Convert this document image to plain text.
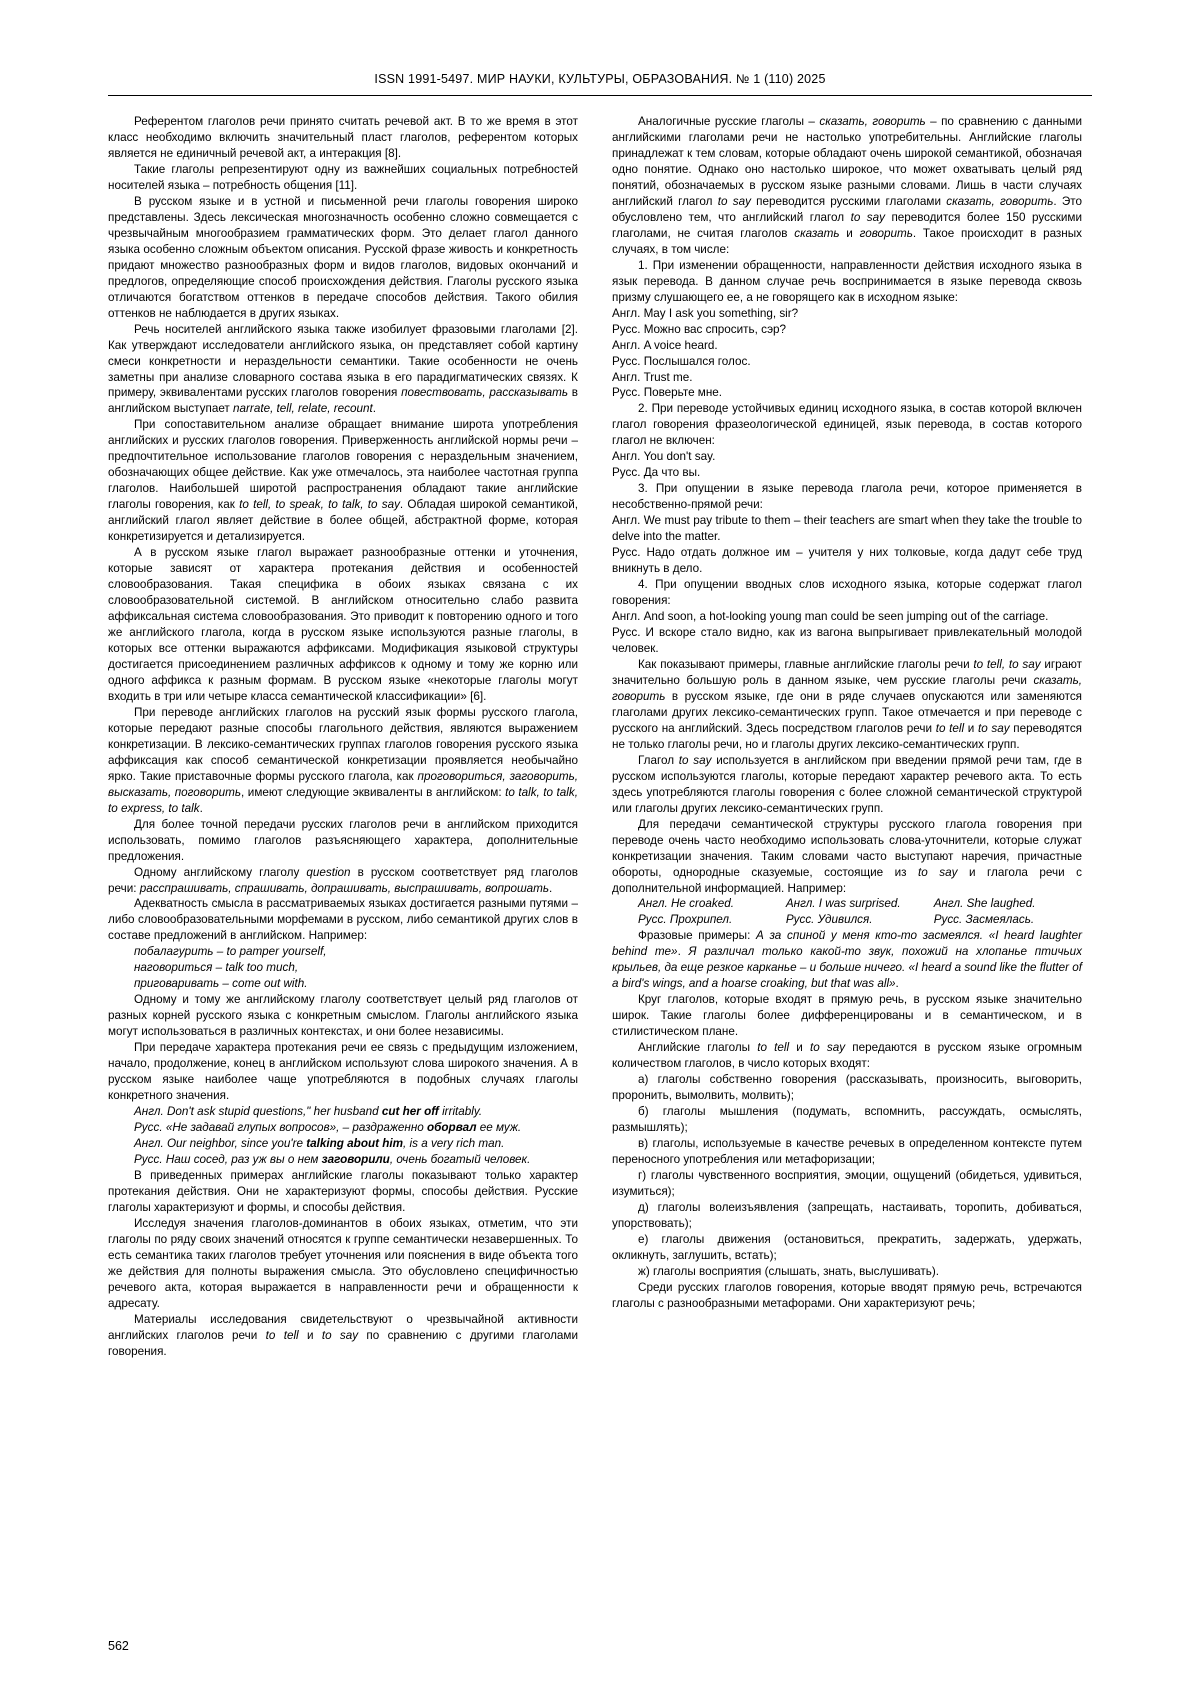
ISSN 1991-5497. МИР НАУКИ, КУЛЬТУРЫ, ОБРАЗОВАНИЯ. № 1 (110) 2025

Референтом глаголов речи принято считать речевой акт. В то же время в этот класс необходимо включить значительный пласт глаголов, референтом которых является не единичный речевой акт, а интеракция [8].

Такие глаголы репрезентируют одну из важнейших социальных потребностей носителей языка – потребность общения [11].

В русском языке и в устной и письменной речи глаголы говорения широко представлены. Здесь лексическая многозначность особенно сложно совмещается с чрезвычайным многообразием грамматических форм. Это делает глагол данного языка особенно сложным объектом описания. Русской фразе живость и конкретность придают множество разнообразных форм и видов глаголов, видовых окончаний и предлогов, определяющие способ происхождения действия. Глаголы русского языка отличаются богатством оттенков в передаче способов действия. Такого обилия оттенков не наблюдается в других языках.

Речь носителей английского языка также изобилует фразовыми глаголами [2]. Как утверждают исследователи английского языка, он представляет собой картину смеси конкретности и нераздельности семантики. Такие особенности не очень заметны при анализе словарного состава языка в его парадигматических связях. К примеру, эквивалентами русских глаголов говорения повествовать, рассказывать в английском выступает narrate, tell, relate, recount.

При сопоставительном анализе обращает внимание широта употребления английских и русских глаголов говорения. Приверженность английской нормы речи – предпочтительное использование глаголов говорения с нераздельным значением, обозначающих общее действие. Как уже отмечалось, эта наиболее частотная группа глаголов. Наибольшей широтой распространения обладают такие английские глаголы говорения, как to tell, to speak, to talk, to say. Обладая широкой семантикой, английский глагол являет действие в более общей, абстрактной форме, которая конкретизируется и детализируется.

А в русском языке глагол выражает разнообразные оттенки и уточнения, которые зависят от характера протекания действия и особенностей словообразования. Такая специфика в обоих языках связана с их словообразовательной системой. В английском относительно слабо развита аффиксальная система словообразования. Это приводит к повторению одного и того же английского глагола, когда в русском языке используются разные глаголы, в которых все оттенки выражаются аффиксами. Модификация языковой структуры достигается присоединением различных аффиксов к одному и тому же корню или одного аффикса к разным формам. В русском языке «некоторые глаголы могут входить в три или четыре класса семантической классификации» [6].

При переводе английских глаголов на русский язык формы русского глагола, которые передают разные способы глагольного действия, являются выражением конкретизации. В лексико-семантических группах глаголов говорения русского языка аффиксация как способ семантической конкретизации проявляется необычайно ярко. Такие приставочные формы русского глагола, как проговориться, заговорить, высказать, поговорить, имеют следующие эквиваленты в английском: to talk, to talk, to express, to talk.

Для более точной передачи русских глаголов речи в английском приходится использовать, помимо глаголов разъясняющего характера, дополнительные предложения.

Одному английскому глаголу question в русском соответствует ряд глаголов речи: расспрашивать, спрашивать, допрашивать, выспрашивать, вопрошать.

Адекватность смысла в рассматриваемых языках достигается разными путями – либо словообразовательными морфемами в русском, либо семантикой других слов в составе предложений в английском. Например:

побалагурить – to pamper yourself,

наговориться – talk too much,

приговаривать – come out with.

Одному и тому же английскому глаголу соответствует целый ряд глаголов от разных корней русского языка с конкретным смыслом. Глаголы английского языка могут использоваться в различных контекстах, и они более независимы.

При передаче характера протекания речи ее связь с предыдущим изложением, начало, продолжение, конец в английском используют слова широкого значения. А в русском языке наиболее чаще употребляются в подобных случаях глаголы конкретного значения.

Англ. Don't ask stupid questions," her husband cut her off irritably.

Русс. «Не задавай глупых вопросов», – раздраженно оборвал ее муж.

Англ. Our neighbor, since you're talking about him, is a very rich man.

Русс. Наш сосед, раз уж вы о нем заговорили, очень богатый человек.

В приведенных примерах английские глаголы показывают только характер протекания действия. Они не характеризуют формы, способы действия. Русские глаголы характеризуют и формы, и способы действия.

Исследуя значения глаголов-доминантов в обоих языках, отметим, что эти глаголы по ряду своих значений относятся к группе семантически незавершенных. То есть семантика таких глаголов требует уточнения или пояснения в виде объекта того же действия для полноты выражения смысла. Это обусловлено специфичностью речевого акта, которая выражается в направленности речи и обращенности к адресату.

Материалы исследования свидетельствуют о чрезвычайной активности английских глаголов речи to tell и to say по сравнению с другими глаголами говорения.

Аналогичные русские глаголы – сказать, говорить – по сравнению с данными английскими глаголами речи не настолько употребительны. Английские глаголы принадлежат к тем словам, которые обладают очень широкой семантикой, обозначая одно понятие. Однако оно настолько широкое, что может охватывать целый ряд понятий, обозначаемых в русском языке разными словами. Лишь в части случаях английский глагол to say переводится русскими глаголами сказать, говорить. Это обусловлено тем, что английский глагол to say переводится более 150 русскими глаголами, не считая глаголов сказать и говорить. Такое происходит в разных случаях, в том числе:

1. При изменении обращенности, направленности действия исходного языка в язык перевода. В данном случае речь воспринимается в языке перевода сквозь призму слушающего ее, а не говорящего как в исходном языке:

Англ. May I ask you something, sir?

Русс. Можно вас спросить, сэр?

Англ. A voice heard.

Русс. Послышался голос.

Англ. Trust me.

Русс. Поверьте мне.

2. При переводе устойчивых единиц исходного языка, в состав которой включен глагол говорения фразеологической единицей, язык перевода, в состав которого глагол не включен:

Англ. You don't say.

Русс. Да что вы.

3. При опущении в языке перевода глагола речи, которое применяется в несобственно-прямой речи:

Англ. We must pay tribute to them – their teachers are smart when they take the trouble to delve into the matter.

Русс. Надо отдать должное им – учителя у них толковые, когда дадут себе труд вникнуть в дело.

4. При опущении вводных слов исходного языка, которые содержат глагол говорения:

Англ. And soon, a hot-looking young man could be seen jumping out of the carriage.

Русс. И вскоре стало видно, как из вагона выпрыгивает привлекательный молодой человек.

Как показывают примеры, главные английские глаголы речи to tell, to say играют значительно большую роль в данном языке, чем русские глаголы речи сказать, говорить в русском языке, где они в ряде случаев опускаются или заменяются глаголами других лексико-семантических групп. Такое отмечается и при переводе с русского на английский. Здесь посредством глаголов речи to tell и to say переводятся не только глаголы речи, но и глаголы других лексико-семантических групп.

Глагол to say используется в английском при введении прямой речи там, где в русском используются глаголы, которые передают характер речевого акта. То есть здесь употребляются глаголы говорения с более сложной семантической структурой или глаголы других лексико-семантических групп.

Для передачи семантической структуры русского глагола говорения при переводе очень часто необходимо использовать слова-уточнители, которые служат конкретизации значения. Таким словами часто выступают наречия, причастные обороты, однородные сказуемые, состоящие из to say и глагола речи с дополнительной информацией. Например:

Англ. He croaked.	Англ. I was surprised.	Англ. She laughed.
Русс. Прохрипел.	Русс. Удивился.	Русс. Засмеялась.

Фразовые примеры: А за спиной у меня кто-то засмеялся. «I heard laughter behind me». Я различал только какой-то звук, похожий на хлопанье птичьих крыльев, да еще резкое карканье – и больше ничего. «I heard a sound like the flutter of a bird's wings, and a hoarse croaking, but that was all».

Круг глаголов, которые входят в прямую речь, в русском языке значительно широк. Такие глаголы более дифференцированы и в семантическом, и в стилистическом плане.

Английские глаголы to tell и to say передаются в русском языке огромным количеством глаголов, в число которых входят:

а) глаголы собственно говорения (рассказывать, произносить, выговорить, проронить, вымолвить, молвить);

б) глаголы мышления (подумать, вспомнить, рассуждать, осмыслять, размышлять);

в) глаголы, используемые в качестве речевых в определенном контексте путем переносного употребления или метафоризации;

г) глаголы чувственного восприятия, эмоции, ощущений (обидеться, удивиться, изумиться);

д) глаголы волеизъявления (запрещать, настаивать, торопить, добиваться, упорствовать);

е) глаголы движения (остановиться, прекратить, задержать, удержать, окликнуть, заглушить, встать);

ж) глаголы восприятия (слышать, знать, выслушивать).

Среди русских глаголов говорения, которые вводят прямую речь, встречаются глаголы с разнообразными метафорами. Они характеризуют речь;

562
